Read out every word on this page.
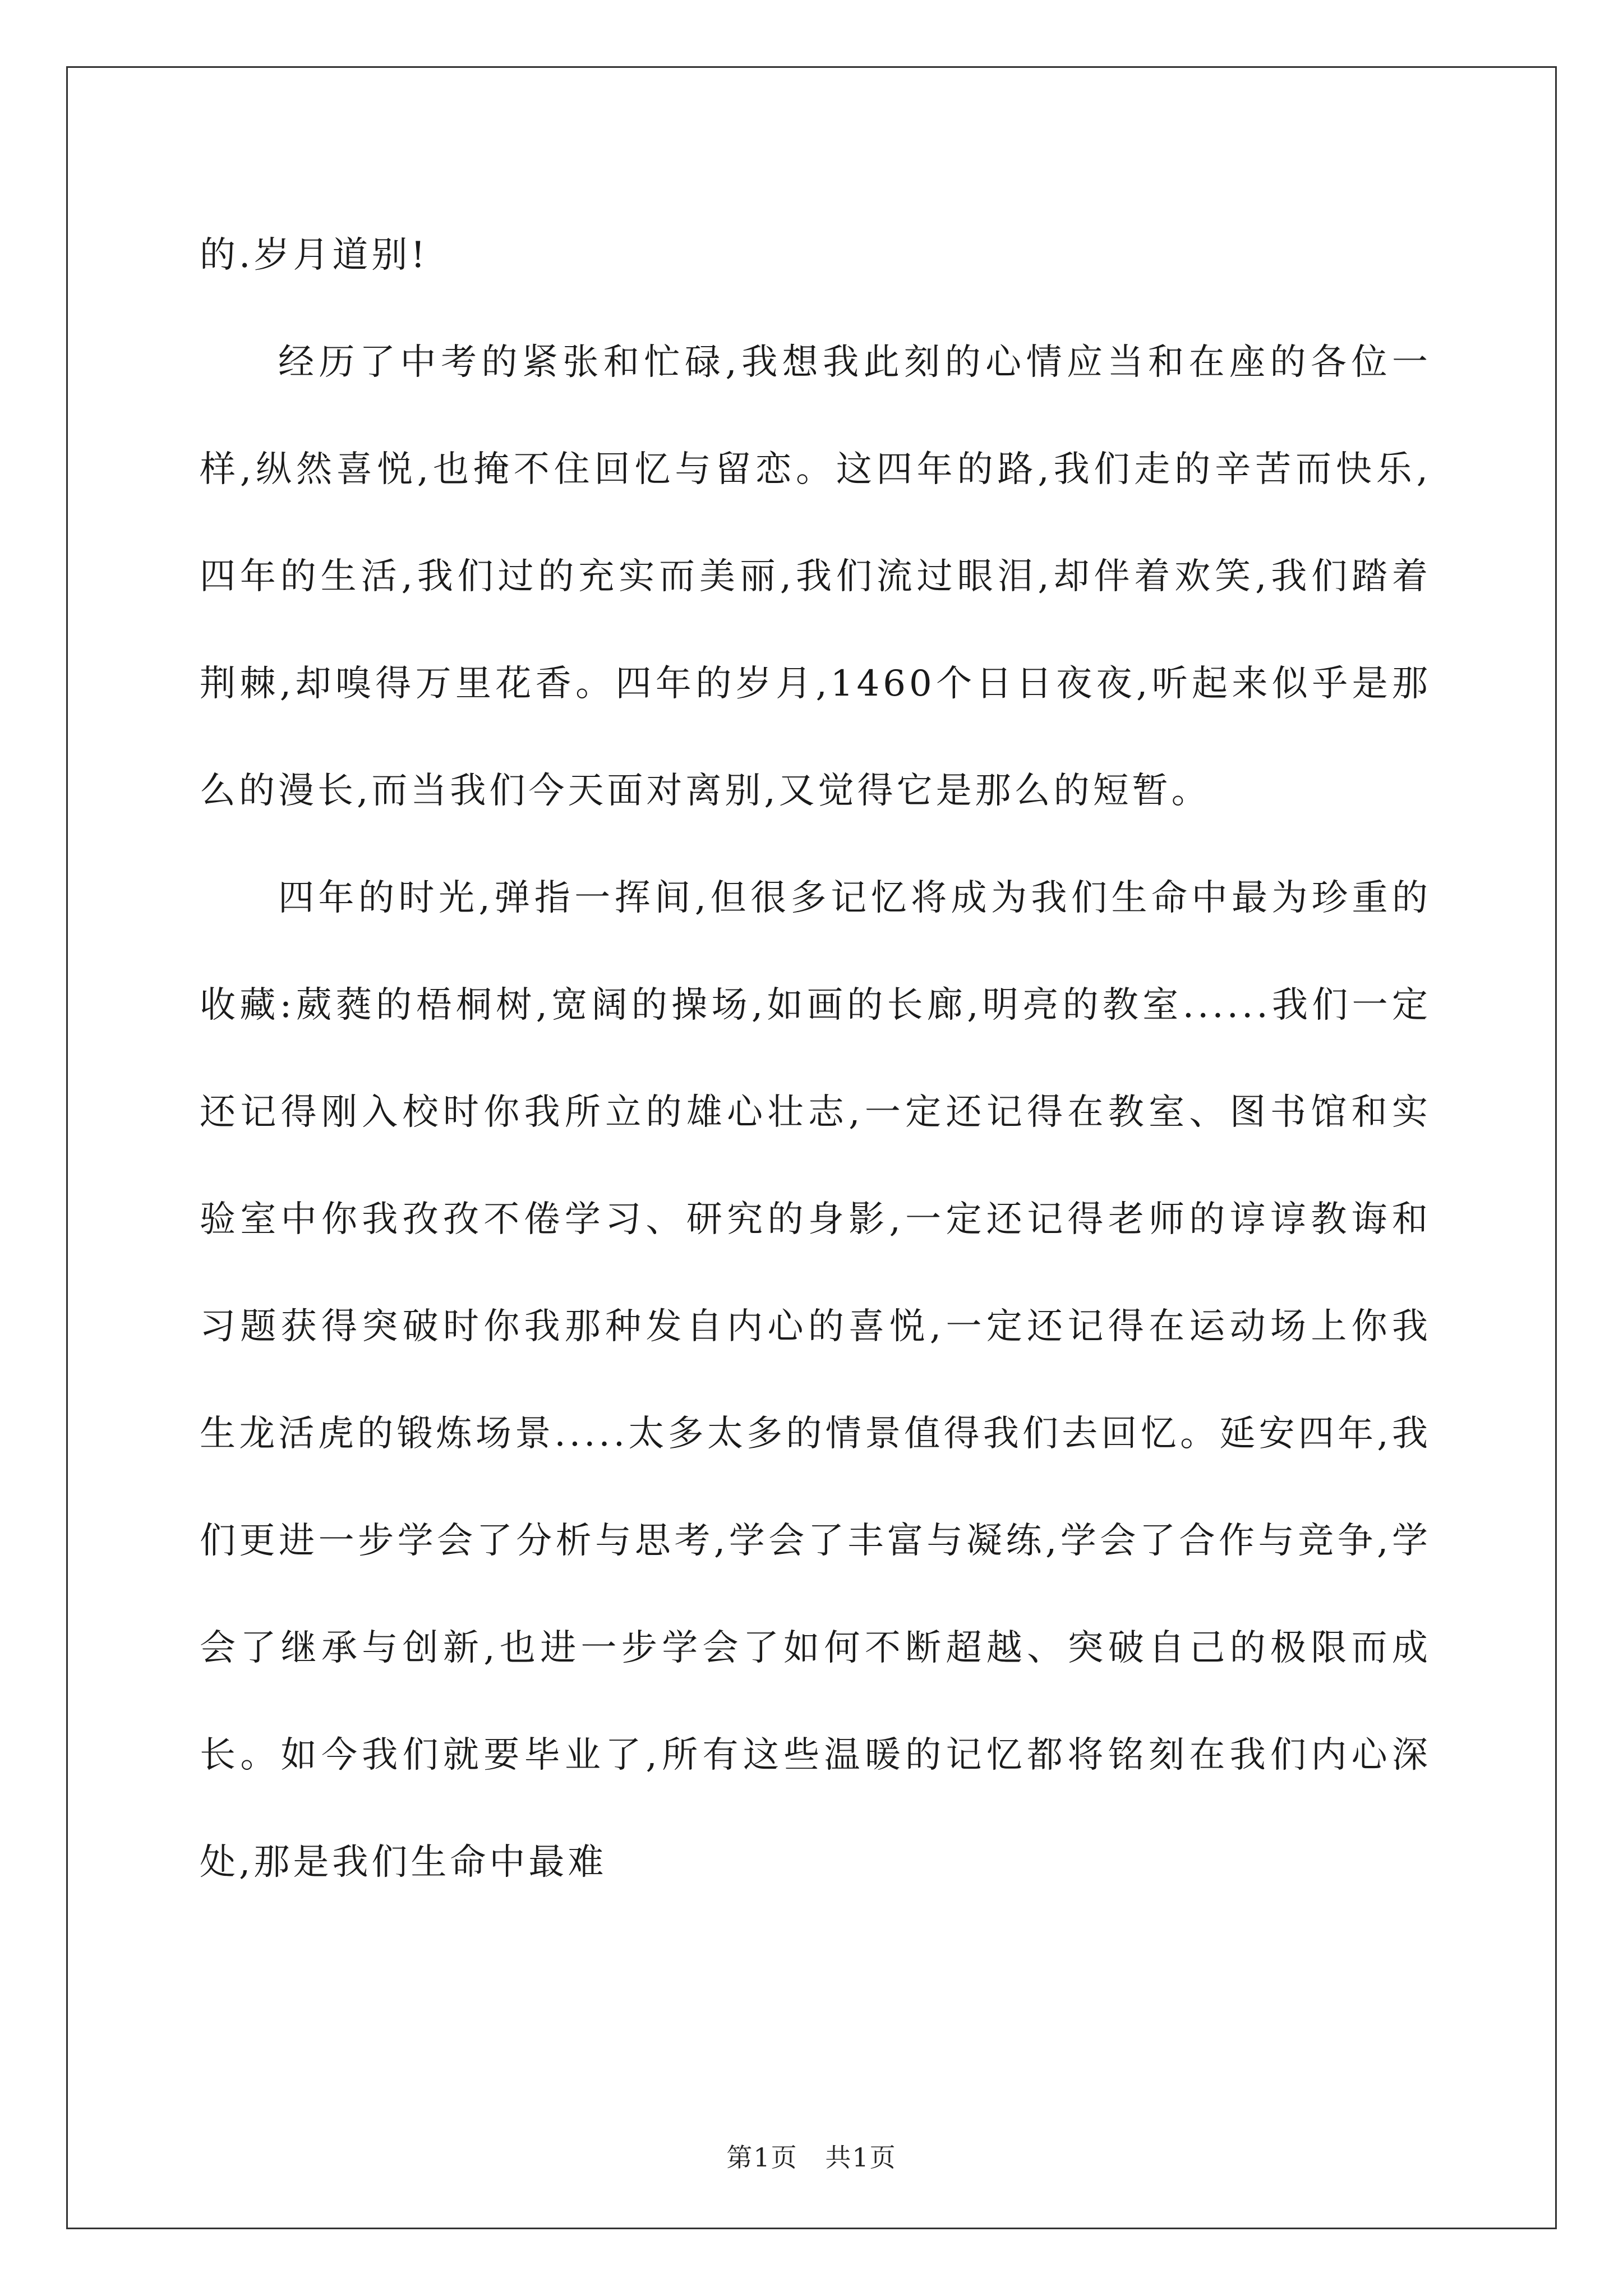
的.岁月道别!

经历了中考的紧张和忙碌,我想我此刻的心情应当和在座的各位一样,纵然喜悦,也掩不住回忆与留恋。这四年的路,我们走的辛苦而快乐,四年的生活,我们过的充实而美丽,我们流过眼泪,却伴着欢笑,我们踏着荆棘,却嗅得万里花香。四年的岁月,1460个日日夜夜,听起来似乎是那么的漫长,而当我们今天面对离别,又觉得它是那么的短暂。

四年的时光,弹指一挥间,但很多记忆将成为我们生命中最为珍重的收藏:葳蕤的梧桐树,宽阔的操场,如画的长廊,明亮的教室......我们一定还记得刚入校时你我所立的雄心壮志,一定还记得在教室、图书馆和实验室中你我孜孜不倦学习、研究的身影,一定还记得老师的谆谆教诲和习题获得突破时你我那种发自内心的喜悦,一定还记得在运动场上你我生龙活虎的锻炼场景.....太多太多的情景值得我们去回忆。延安四年,我们更进一步学会了分析与思考,学会了丰富与凝练,学会了合作与竞争,学会了继承与创新,也进一步学会了如何不断超越、突破自己的极限而成长。如今我们就要毕业了,所有这些温暖的记忆都将铭刻在我们内心深处,那是我们生命中最难

第1页 共1页
